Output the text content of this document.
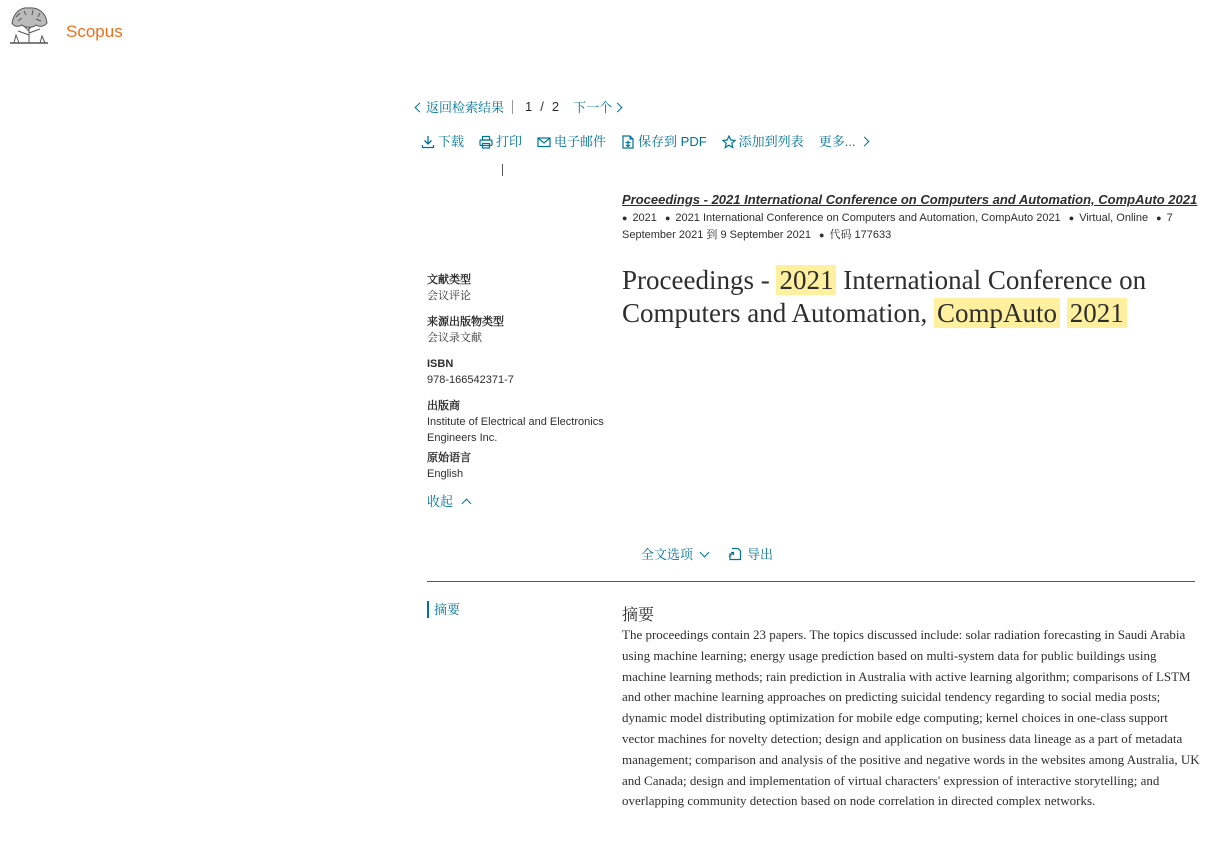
Scopus
返回检索结果	1 / 2	下一个
下载 打印 电子邮件 保存到 PDF 添加到列表 更多...
Proceedings - 2021 International Conference on Computers and Automation, CompAuto 2021
● 2021 ● 2021 International Conference on Computers and Automation, CompAuto 2021 ● Virtual, Online ● 7 September 2021 到 9 September 2021 ● 代码 177633
Proceedings - 2021 International Conference on Computers and Automation, CompAuto 2021
文献类型
会议评论
来源出版物类型
会议录文献
ISBN
978-166542371-7
出版商
Institute of Electrical and Electronics Engineers Inc.
原始语言
English
收起
全文选项	导出
摘要	摘要
The proceedings contain 23 papers. The topics discussed include: solar radiation forecasting in Saudi Arabia using machine learning; energy usage prediction based on multi-system data for public buildings using machine learning methods; rain prediction in Australia with active learning algorithm; comparisons of LSTM and other machine learning approaches on predicting suicidal tendency regarding to social media posts; dynamic model distributing optimization for mobile edge computing; kernel choices in one-class support vector machines for novelty detection; design and application on business data lineage as a part of metadata management; comparison and analysis of the positive and negative words in the websites among Australia, UK and Canada; design and implementation of virtual characters' expression of interactive storytelling; and overlapping community detection based on node correlation in directed complex networks.
